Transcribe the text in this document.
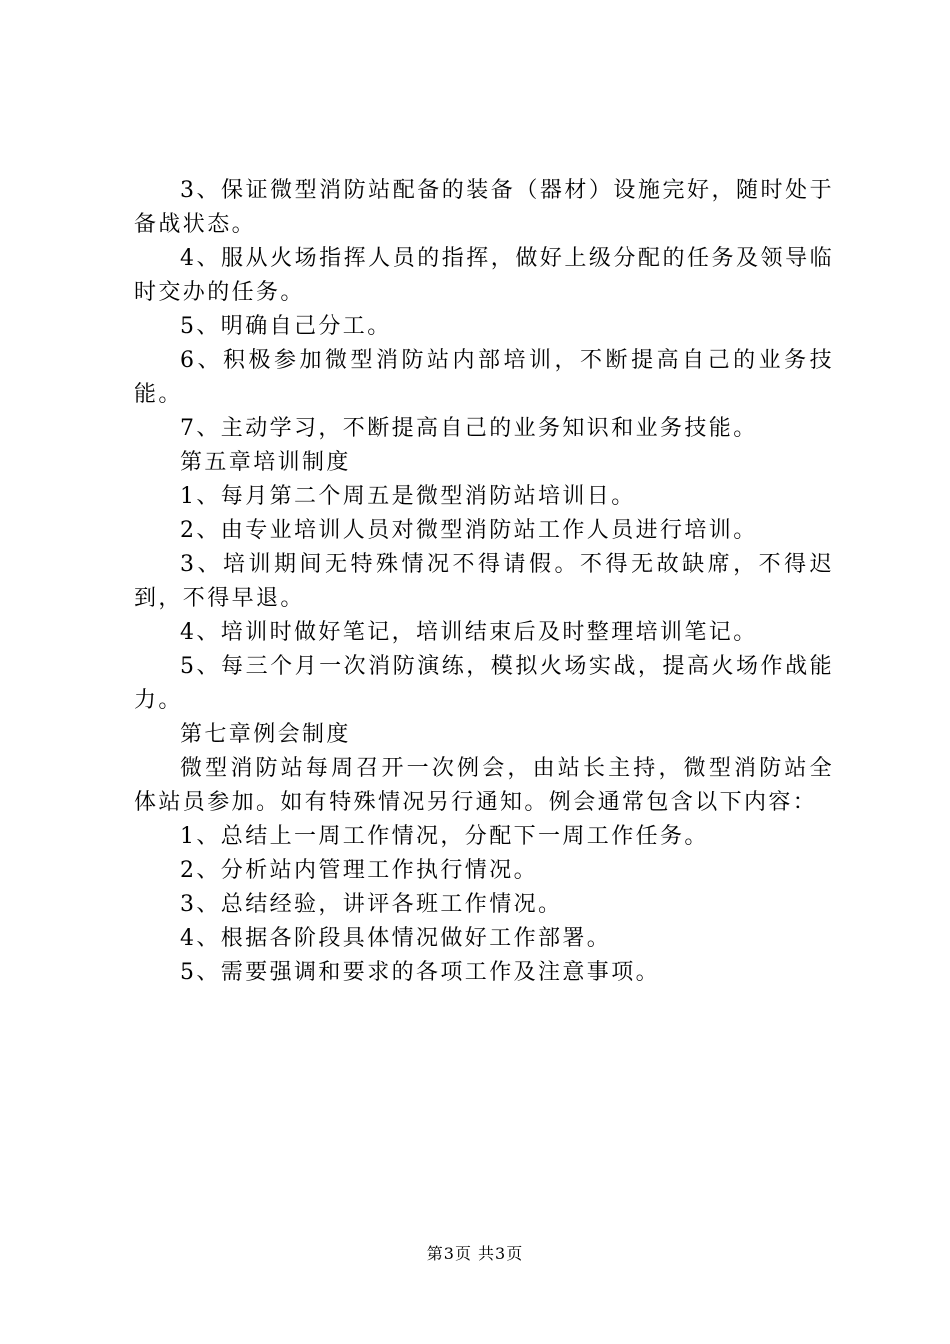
3、保证微型消防站配备的装备（器材）设施完好，随时处于备战状态。

4、服从火场指挥人员的指挥，做好上级分配的任务及领导临时交办的任务。

5、明确自己分工。

6、积极参加微型消防站内部培训，不断提高自己的业务技能。

7、主动学习，不断提高自己的业务知识和业务技能。

第五章培训制度

1、每月第二个周五是微型消防站培训日。

2、由专业培训人员对微型消防站工作人员进行培训。

3、培训期间无特殊情况不得请假。不得无故缺席，不得迟到，不得早退。

4、培训时做好笔记，培训结束后及时整理培训笔记。

5、每三个月一次消防演练，模拟火场实战，提高火场作战能力。

第七章例会制度

微型消防站每周召开一次例会，由站长主持，微型消防站全体站员参加。如有特殊情况另行通知。例会通常包含以下内容：

1、总结上一周工作情况，分配下一周工作任务。

2、分析站内管理工作执行情况。

3、总结经验，讲评各班工作情况。

4、根据各阶段具体情况做好工作部署。

5、需要强调和要求的各项工作及注意事项。

第3页 共3页
